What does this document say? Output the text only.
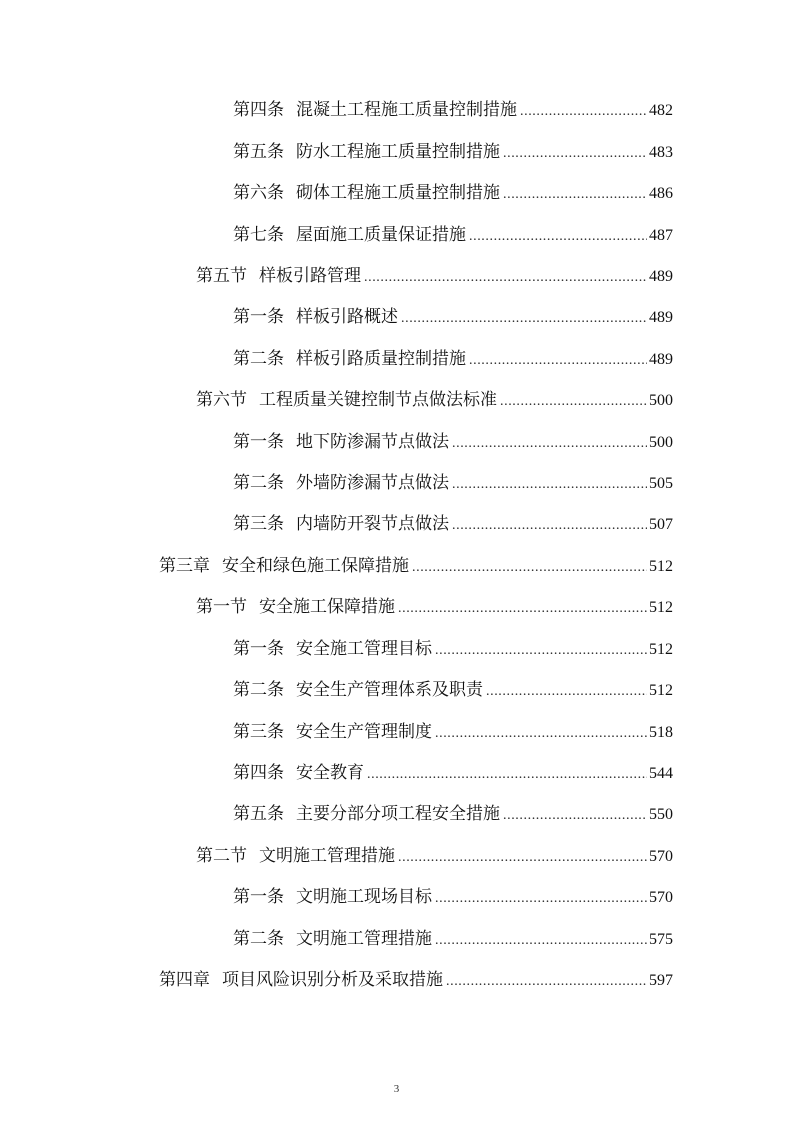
第四条 混凝土工程施工质量控制措施 .....	482
第五条 防水工程施工质量控制措施 .....	483
第六条 砌体工程施工质量控制措施 .....	486
第七条 屋面施工质量保证措施 .....	487
第五节 样板引路管理 .....	489
第一条 样板引路概述 .....	489
第二条 样板引路质量控制措施 .....	489
第六节 工程质量关键控制节点做法标准 .....	500
第一条 地下防渗漏节点做法 .....	500
第二条 外墙防渗漏节点做法 .....	505
第三条 内墙防开裂节点做法 .....	507
第三章 安全和绿色施工保障措施 .....	512
第一节 安全施工保障措施 .....	512
第一条 安全施工管理目标 .....	512
第二条 安全生产管理体系及职责 .....	512
第三条 安全生产管理制度 .....	518
第四条 安全教育 .....	544
第五条 主要分部分项工程安全措施 .....	550
第二节 文明施工管理措施 .....	570
第一条 文明施工现场目标 .....	570
第二条 文明施工管理措施 .....	575
第四章 项目风险识别分析及采取措施 .....	597
3
